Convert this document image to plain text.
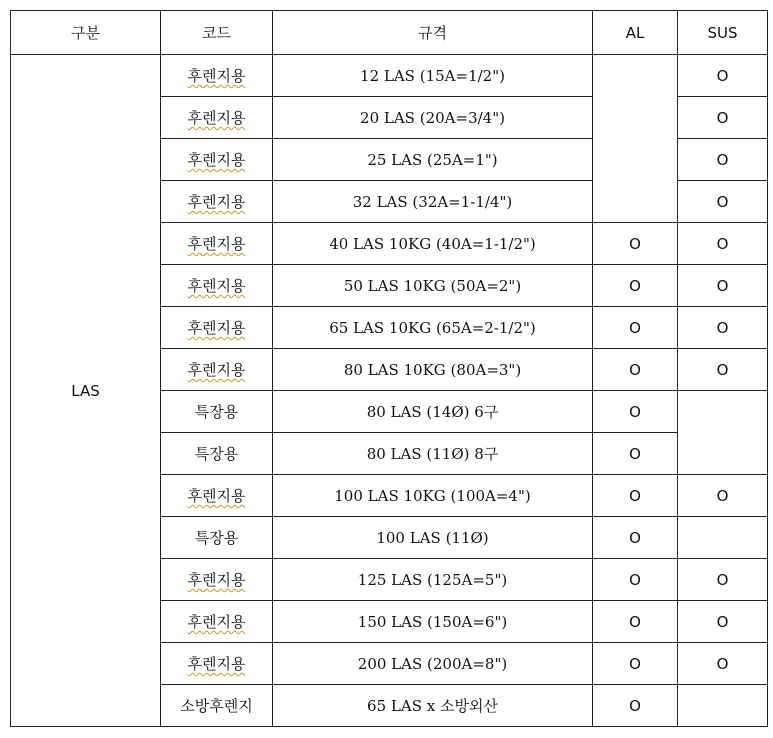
구분	코드	규격	AL	SUS
LAS	후렌지용	12 LAS (15A=1/2")		O
	후렌지용	20 LAS (20A=3/4")		O
	후렌지용	25 LAS (25A=1")		O
	후렌지용	32 LAS (32A=1-1/4")		O
	후렌지용	40 LAS 10KG (40A=1-1/2")	O	O
	후렌지용	50 LAS 10KG (50A=2")	O	O
	후렌지용	65 LAS 10KG (65A=2-1/2")	O	O
	후렌지용	80 LAS 10KG (80A=3")	O	O
	특장용	80 LAS (14Ø) 6구	O	
	특장용	80 LAS (11Ø) 8구	O	
	후렌지용	100 LAS 10KG (100A=4")	O	O
	특장용	100 LAS (11Ø)	O	
	후렌지용	125 LAS (125A=5")	O	O
	후렌지용	150 LAS (150A=6")	O	O
	후렌지용	200 LAS (200A=8")	O	O
	소방후렌지	65 LAS x 소방외산	O	
